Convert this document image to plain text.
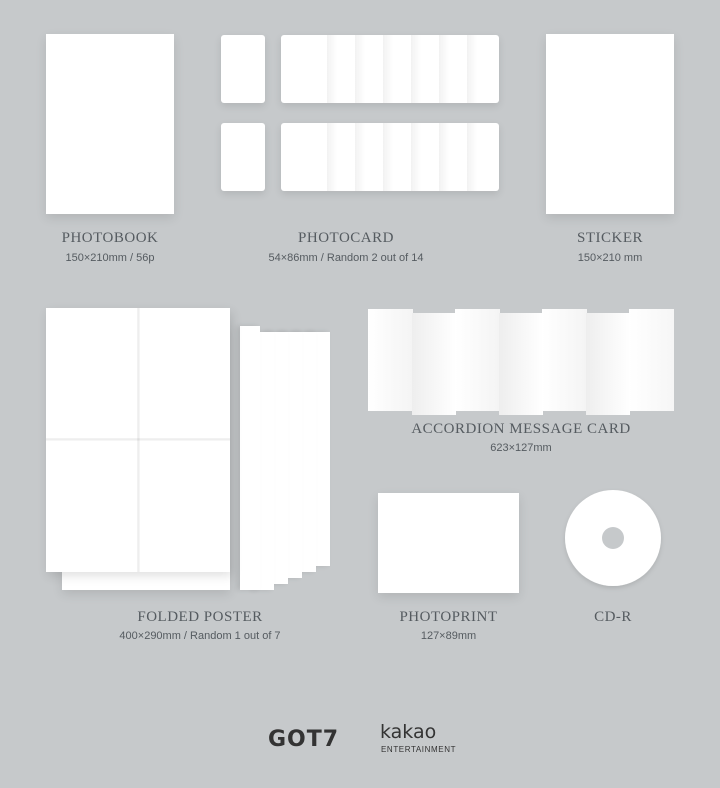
PHOTOBOOK
150×210mm / 56p
PHOTOCARD
54×86mm / Random 2 out of 14
STICKER
150×210 mm
FOLDED POSTER
400×290mm / Random 1 out of 7
ACCORDION MESSAGE CARD
623×127mm
PHOTOPRINT
127×89mm
CD-R
GOT7 kakao
ENTERTAINMENT
